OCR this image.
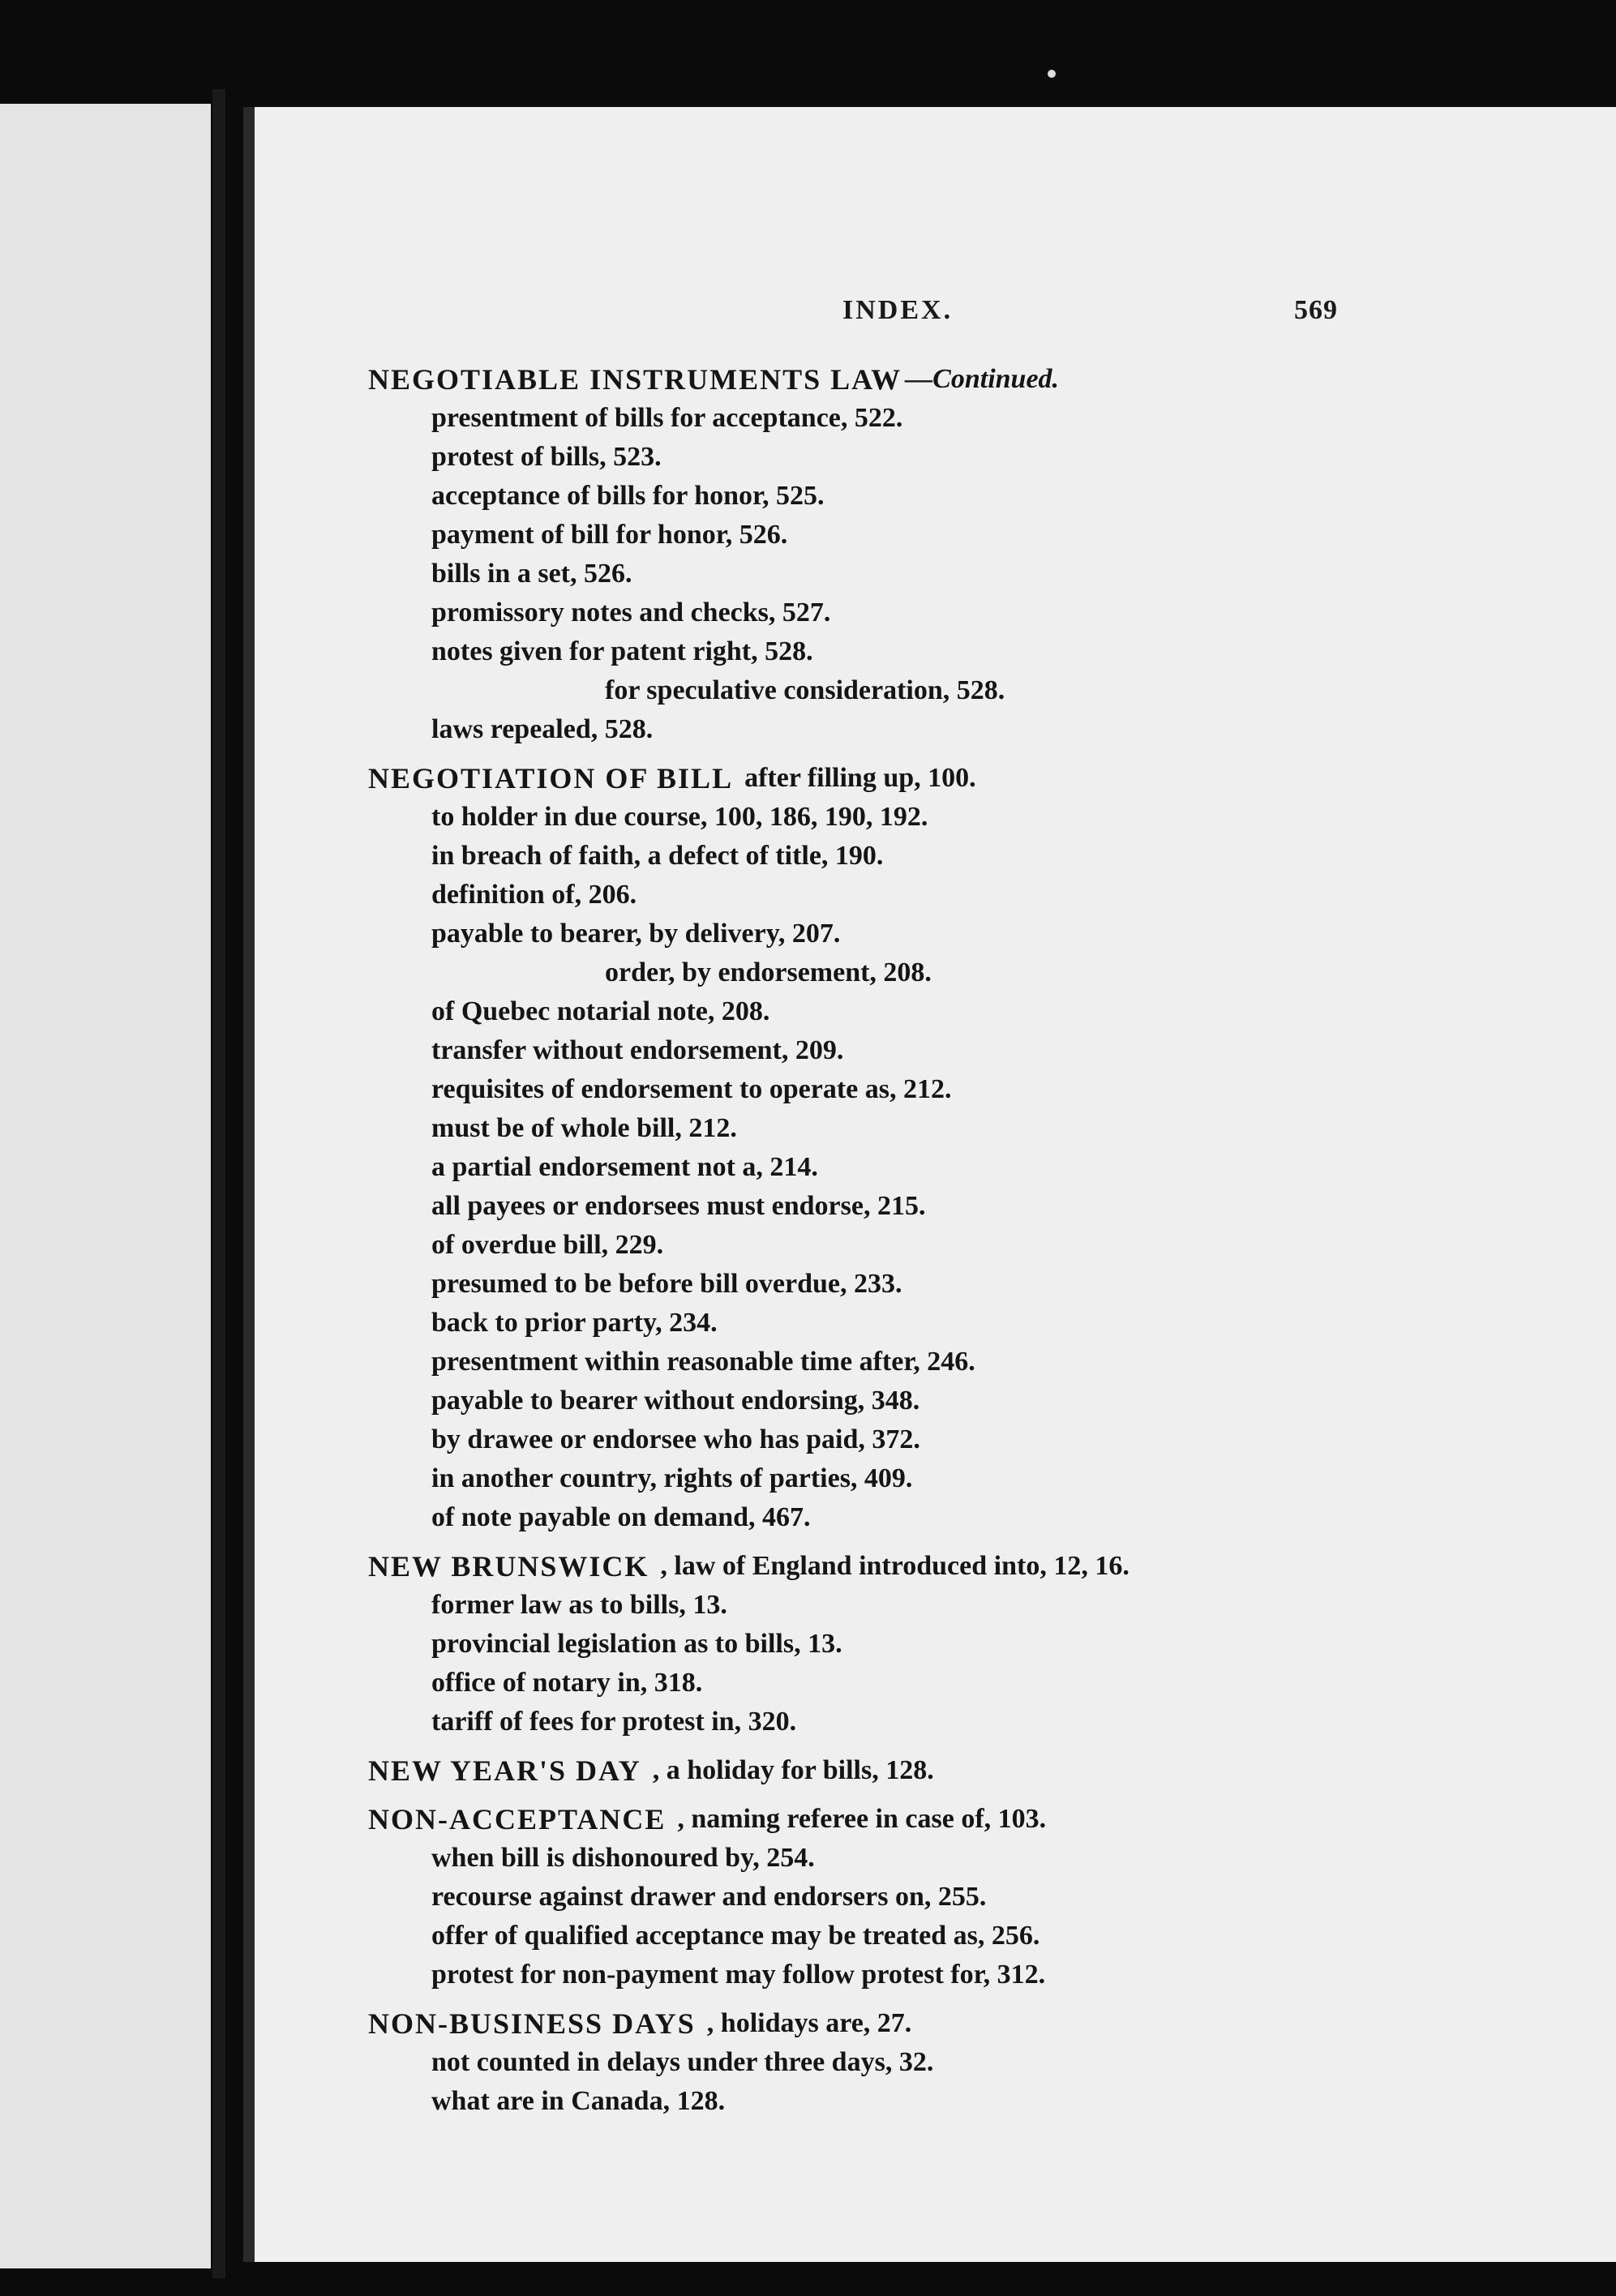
INDEX.	569
NEGOTIABLE INSTRUMENTS LAW —Continued.
presentment of bills for acceptance, 522.
protest of bills, 523.
acceptance of bills for honor, 525.
payment of bill for honor, 526.
bills in a set, 526.
promissory notes and checks, 527.
notes given for patent right, 528.
for speculative consideration, 528.
laws repealed, 528.
NEGOTIATION OF BILL after filling up, 100.
to holder in due course, 100, 186, 190, 192.
in breach of faith, a defect of title, 190.
definition of, 206.
payable to bearer, by delivery, 207.
order, by endorsement, 208.
of Quebec notarial note, 208.
transfer without endorsement, 209.
requisites of endorsement to operate as, 212.
must be of whole bill, 212.
a partial endorsement not a, 214.
all payees or endorsees must endorse, 215.
of overdue bill, 229.
presumed to be before bill overdue, 233.
back to prior party, 234.
presentment within reasonable time after, 246.
payable to bearer without endorsing, 348.
by drawee or endorsee who has paid, 372.
in another country, rights of parties, 409.
of note payable on demand, 467.
NEW BRUNSWICK , law of England introduced into, 12, 16.
former law as to bills, 13.
provincial legislation as to bills, 13.
office of notary in, 318.
tariff of fees for protest in, 320.
NEW YEAR'S DAY , a holiday for bills, 128.
NON-ACCEPTANCE , naming referee in case of, 103.
when bill is dishonoured by, 254.
recourse against drawer and endorsers on, 255.
offer of qualified acceptance may be treated as, 256.
protest for non-payment may follow protest for, 312.
NON-BUSINESS DAYS , holidays are, 27.
not counted in delays under three days, 32.
what are in Canada, 128.
